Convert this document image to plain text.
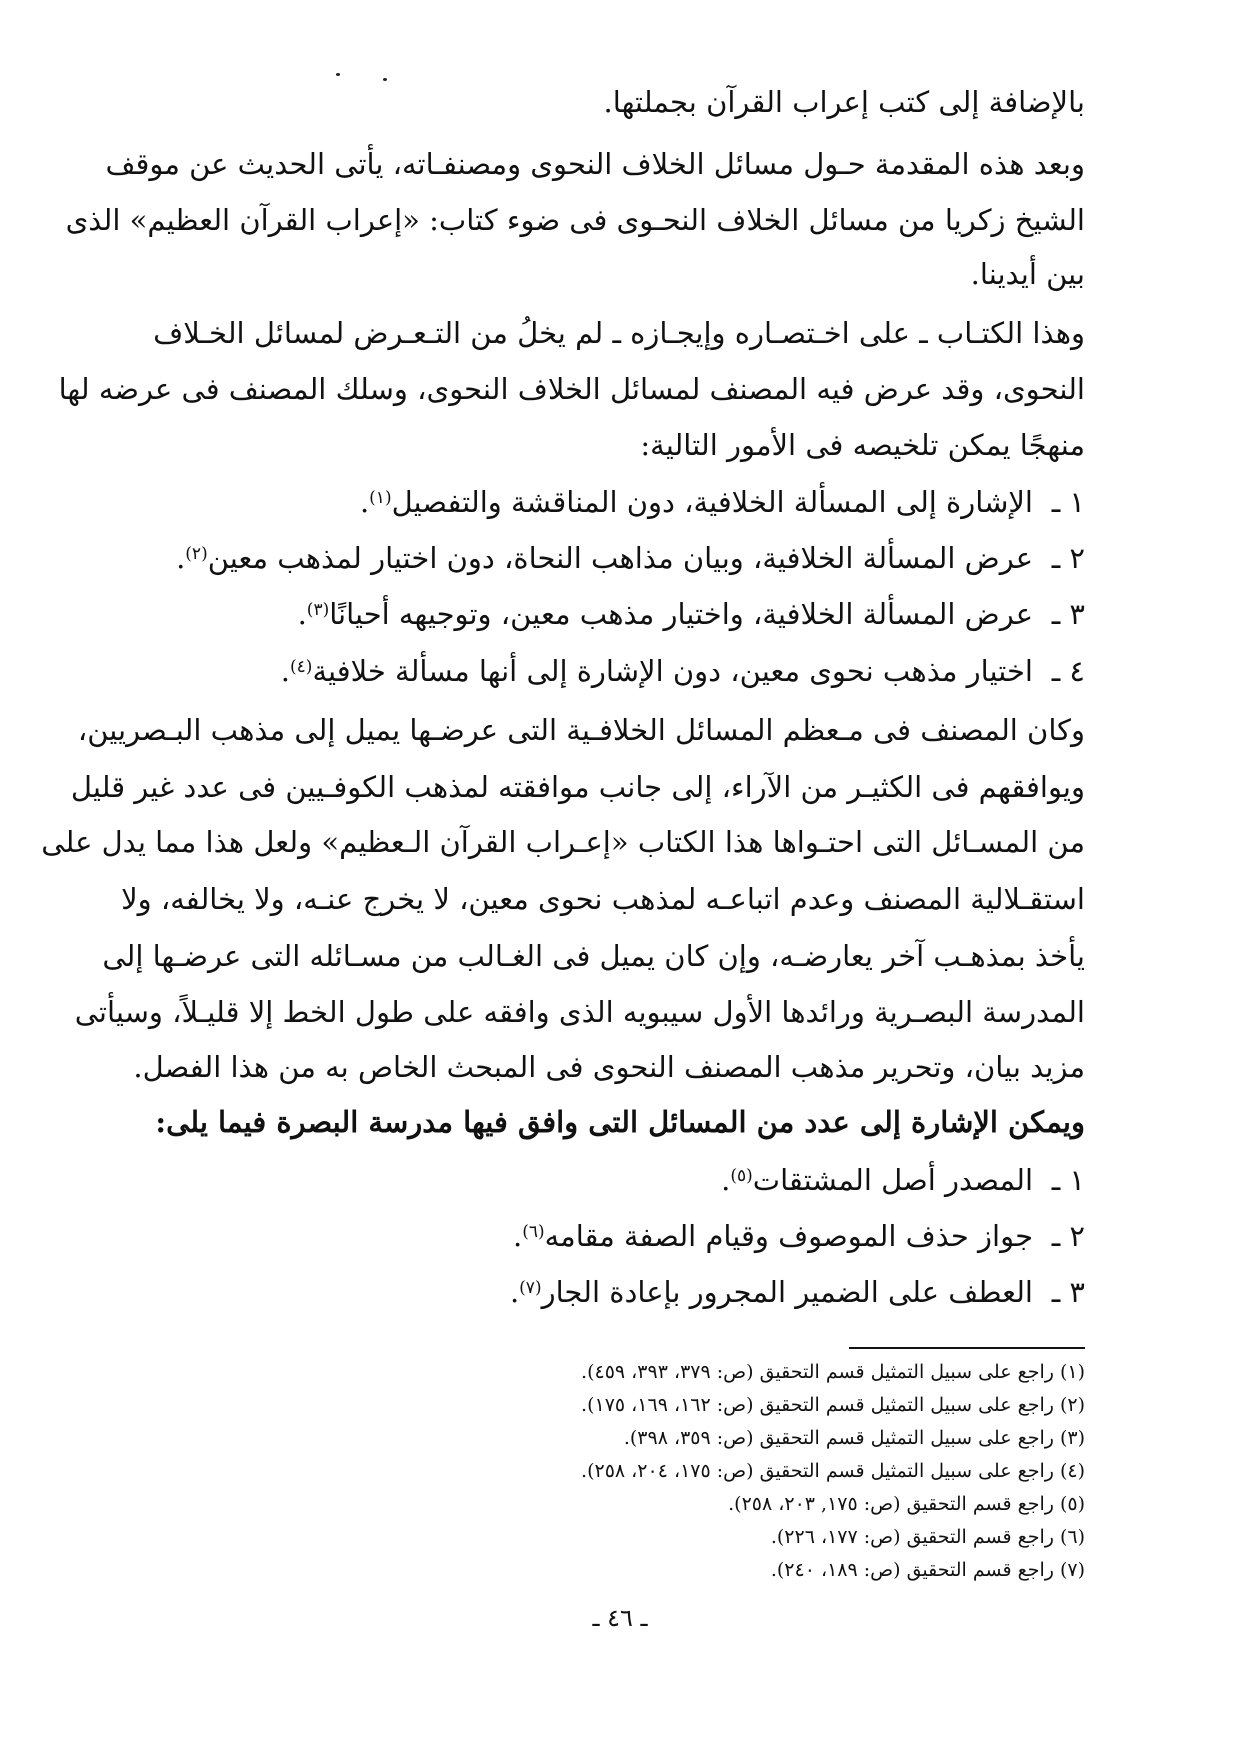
بالإضافة إلى كتب إعراب القرآن بجملتها.
وبعد هذه المقدمة حـول مسائل الخلاف النحوى ومصنفـاته، يأتى الحديث عن موقف
الشيخ زكريا من مسائل الخلاف النحـوى فى ضوء كتاب: «إعراب القرآن العظيم» الذى
بين أيدينا.
وهذا الكتـاب ـ على اخـتصـاره وإيجـازه ـ لم يخلُ من التـعـرض لمسائل الخـلاف
النحوى، وقد عرض فيه المصنف لمسائل الخلاف النحوى، وسلك المصنف فى عرضه لها
منهجًا يمكن تلخيصه فى الأمور التالية:
١ ـالإشارة إلى المسألة الخلافية، دون المناقشة والتفصيل$^{(١)}$.
٢ ـعرض المسألة الخلافية، وبيان مذاهب النحاة، دون اختيار لمذهب معين$^{(٢)}$.
٣ ـعرض المسألة الخلافية، واختيار مذهب معين، وتوجيهه أحيانًا$^{(٣)}$.
٤ ـاختيار مذهب نحوى معين، دون الإشارة إلى أنها مسألة خلافية$^{(٤)}$.
وكان المصنف فى مـعظم المسائل الخلافـية التى عرضـها يميل إلى مذهب البـصريين،
ويوافقهم فى الكثيـر من الآراء، إلى جانب موافقته لمذهب الكوفـيين فى عدد غير قليل
من المسـائل التى احتـواها هذا الكتاب «إعـراب القرآن الـعظيم» ولعل هذا مما يدل على
استقـلالية المصنف وعدم اتباعـه لمذهب نحوى معين، لا يخرج عنـه، ولا يخالفه، ولا
يأخذ بمذهـب آخر يعارضـه، وإن كان يميل فى الغـالب من مسـائله التى عرضـها إلى
المدرسة البصـرية ورائدها الأول سيبويه الذى وافقه على طول الخط إلا قليـلاً، وسيأتى
مزيد بيان، وتحرير مذهب المصنف النحوى فى المبحث الخاص به من هذا الفصل.
ويمكن الإشارة إلى عدد من المسائل التى وافق فيها مدرسة البصرة فيما يلى:
١ ـالمصدر أصل المشتقات$^{(٥)}$.
٢ ـجواز حذف الموصوف وقيام الصفة مقامه$^{(٦)}$.
٣ ـالعطف على الضمير المجرور بإعادة الجار$^{(٧)}$.
(١) راجع على سبيل التمثيل قسم التحقيق (ص: ٣٧٩، ٣٩٣، ٤٥٩).
(٢) راجع على سبيل التمثيل قسم التحقيق (ص: ١٦٢، ١٦٩، ١٧٥).
(٣) راجع على سبيل التمثيل قسم التحقيق (ص: ٣٥٩، ٣٩٨).
(٤) راجع على سبيل التمثيل قسم التحقيق (ص: ١٧٥، ٢٠٤، ٢٥٨).
(٥) راجع قسم التحقيق (ص: ١٧٥, ٢٠٣، ٢٥٨).
(٦) راجع قسم التحقيق (ص: ١٧٧، ٢٢٦).
(٧) راجع قسم التحقيق (ص: ١٨٩، ٢٤٠).
ـ ٤٦ ـ
